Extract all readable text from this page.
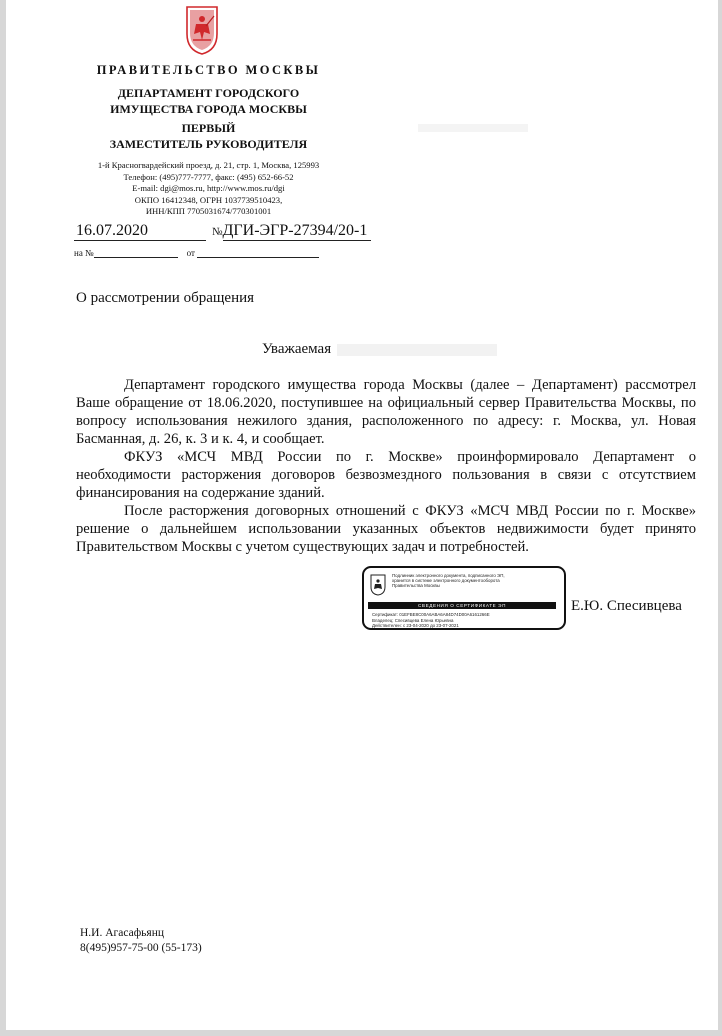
ПРАВИТЕЛЬСТВО МОСКВЫ
ДЕПАРТАМЕНТ ГОРОДСКОГО
ИМУЩЕСТВА ГОРОДА МОСКВЫ
ПЕРВЫЙ
ЗАМЕСТИТЕЛЬ РУКОВОДИТЕЛЯ
1-й Красногвардейский проезд, д. 21, стр. 1, Москва, 125993
Телефон: (495)777-7777, факс: (495) 652-66-52
E-mail: dgi@mos.ru, http://www.mos.ru/dgi
ОКПО 16412348, ОГРН 1037739510423,
ИНН/КПП 7705031674/770301001
16.07.2020	№ДГИ-ЭГР-27394/20-1
на №	от
О рассмотрении обращения
Уважаемая

Департамент городского имущества города Москвы (далее – Департамент) рассмотрел Ваше обращение от 18.06.2020, поступившее на официальный сервер Правительства Москвы, по вопросу использования нежилого здания, расположенного по адресу: г. Москва, ул. Новая Басманная, д. 26, к. 3 и к. 4, и сообщает.

ФКУЗ «МСЧ МВД России по г. Москве» проинформировало Департамент о необходимости расторжения договоров безвозмездного пользования в связи с отсутствием финансирования на содержание зданий.

После расторжения договорных отношений с ФКУЗ «МСЧ МВД России по г. Москве» решение о дальнейшем использовании указанных объектов недвижимости будет принято Правительством Москвы с учетом существующих задач и потребностей.

Подлинник электронного документа, подписанного ЭП,
хранится в системе электронного документооборота
Правительства Москвы
СВЕДЕНИЯ О СЕРТИФИКАТЕ ЭП
Сертификат: 01EFBE8C00A6ABA6A84D74D00A6161266E
Владелец: Спесивцева Елена Юрьевна
Действителен: с 23-04-2020 до 23-07-2021
Е.Ю. Спесивцева
Н.И. Агасафьянц
8(495)957-75-00 (55-173)
